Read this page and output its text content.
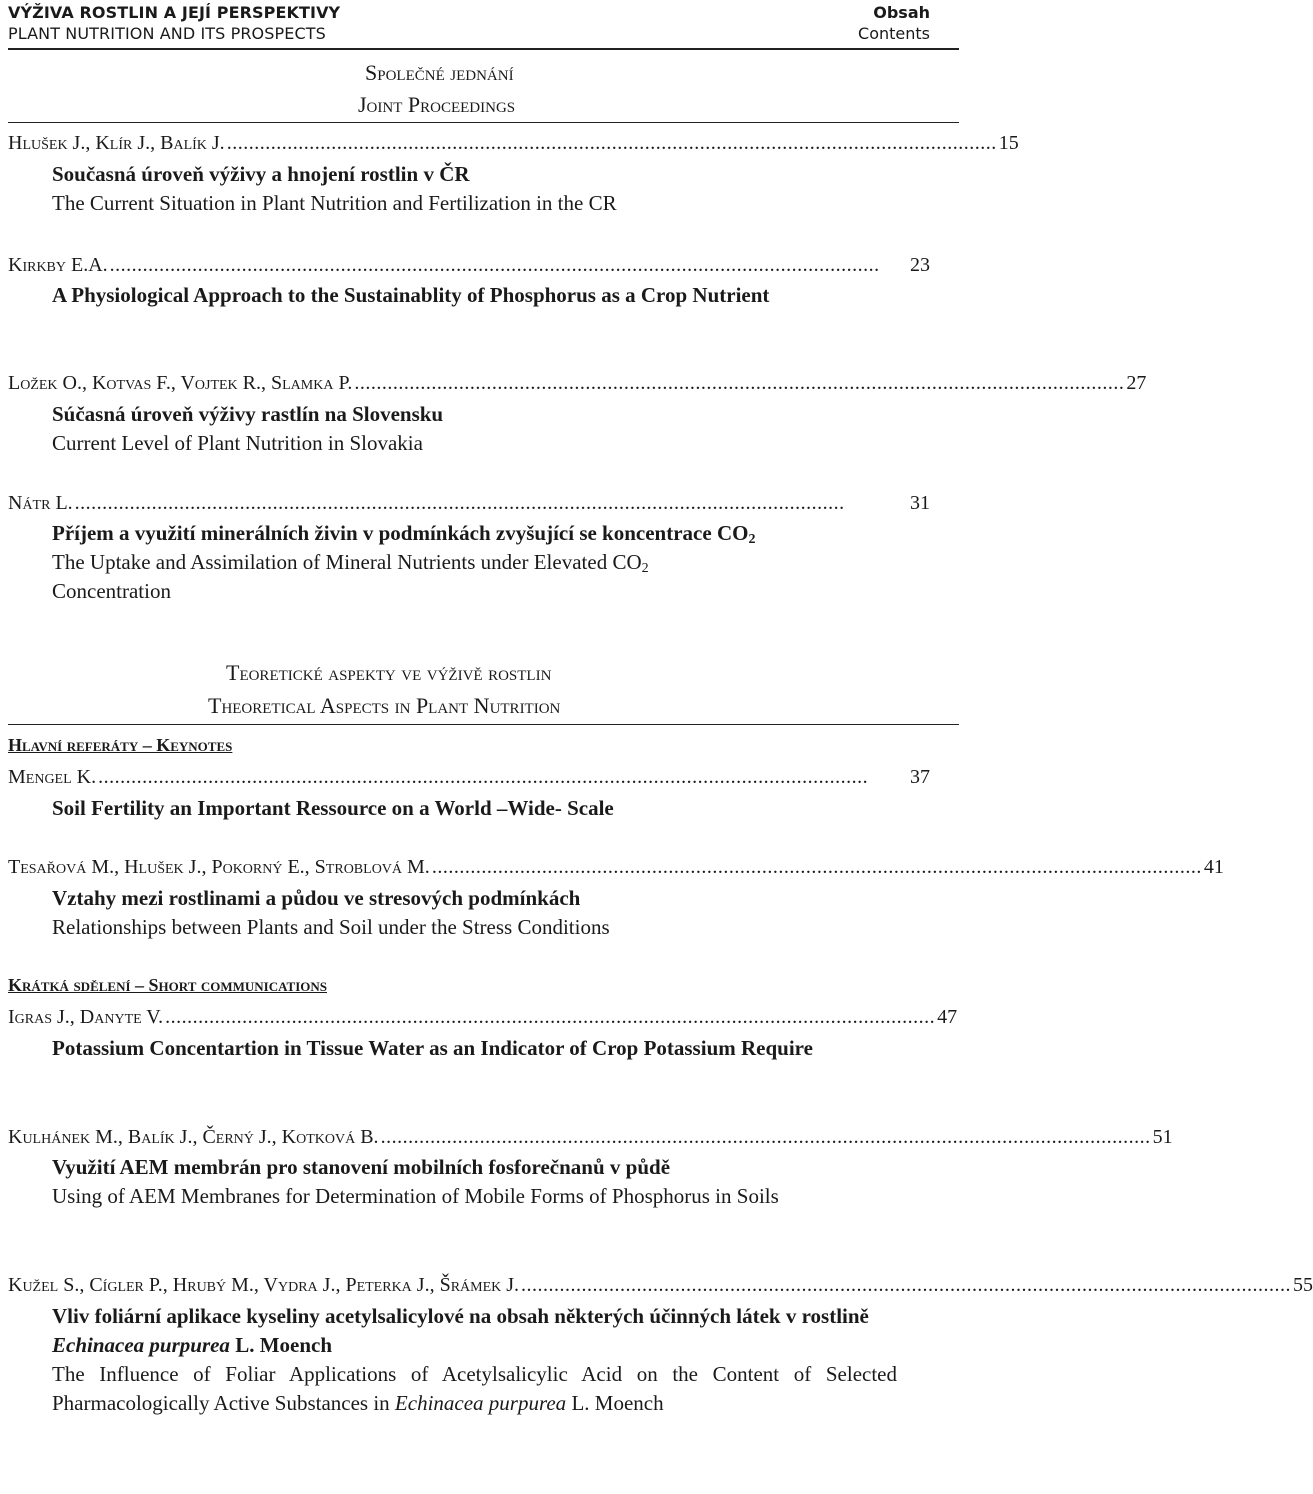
VÝŽIVA ROSTLIN A JEJÍ PERSPEKTIVY
PLANT NUTRITION AND ITS PROSPECTS
Obsah
Contents
Společné jednání
Joint Proceedings
Hlušek J., Klír J., Balík J. ............................................................................................................................................ 15
Současná úroveň výživy a hnojení rostlin v ČR
The Current Situation in Plant Nutrition and Fertilization in the CR
Kirkby E.A. ............................................................................................................................................	23
A Physiological Approach to the Sustainablity of Phosphorus as a Crop Nutrient
Ložek O., Kotvas F., Vojtek R., Slamka P. ............................................................................................................................................ 27
Súčasná úroveň výživy rastlín na Slovensku
Current Level of Plant Nutrition in Slovakia
Nátr L. ............................................................................................................................................	31
Příjem a využití minerálních živin v podmínkách zvyšující se koncentrace $CO_2$
The Uptake and Assimilation of Mineral Nutrients under Elevated $CO_2$
Concentration
Teoretické aspekty ve výživě rostlin
Theoretical Aspects in Plant Nutrition
Hlavní referáty – Keynotes
Mengel K. ............................................................................................................................................	37
Soil Fertility an Important Ressource on a World –Wide- Scale
Tesařová M., Hlušek J., Pokorný E., Stroblová M. ............................................................................................................................................ 41
Vztahy mezi rostlinami a půdou ve stresových podmínkách
Relationships between Plants and Soil under the Stress Conditions
Krátká sdělení – Short communications
Igras J., Danyte V. ............................................................................................................................................ 47
Potassium Concentartion in Tissue Water as an Indicator of Crop Potassium Require
Kulhánek M., Balík J., Černý J., Kotková B. ............................................................................................................................................ 51
Využití AEM membrán pro stanovení mobilních fosforečnanů v půdě
Using of AEM Membranes for Determination of Mobile Forms of Phosphorus in Soils
Kužel S., Cígler P., Hrubý M., Vydra J., Peterka J., Šrámek J. ............................................................................................................................................ 55
Vliv foliární aplikace kyseliny acetylsalicylové na obsah některých účinných látek v rostlině Echinacea purpurea L. Moench
The Influence of Foliar Applications of Acetylsalicylic Acid on the Content of Selected Pharmacologically Active Substances in Echinacea purpurea L. Moench
